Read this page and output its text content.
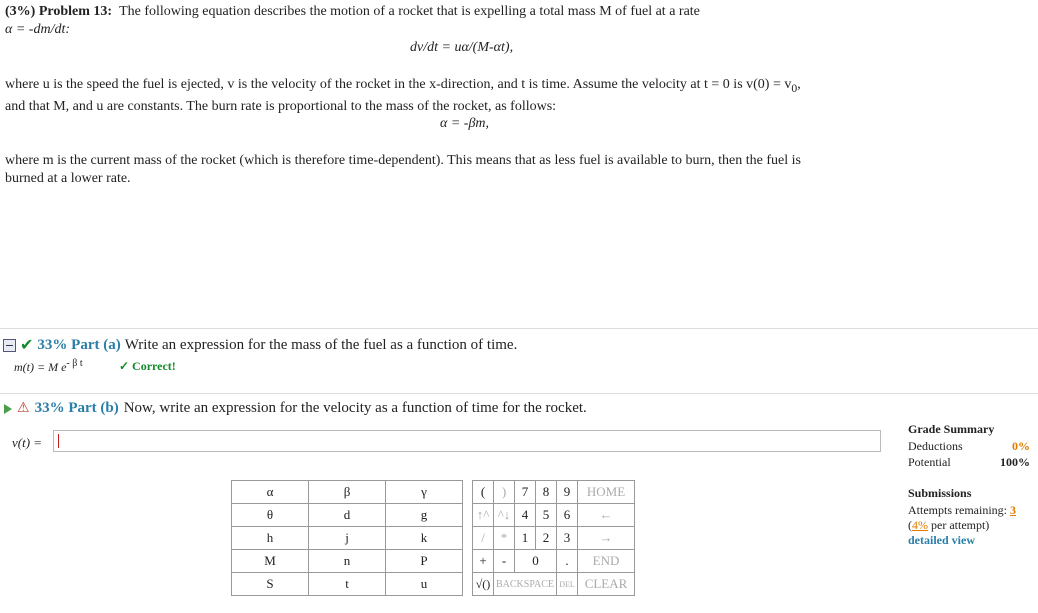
(3%) Problem 13: The following equation describes the motion of a rocket that is expelling a total mass M of fuel at a rate
α = -dm/dt:
dv/dt = uα/(M-αt),
where u is the speed the fuel is ejected, v is the velocity of the rocket in the x-direction, and t is time. Assume the velocity at t = 0 is $v(0) = v_0$,
and that M, and u are constants. The burn rate is proportional to the mass of the rocket, as follows:
α = -βm,
where m is the current mass of the rocket (which is therefore time-dependent). This means that as less fuel is available to burn, then the fuel is
burned at a lower rate.
✔ 33% Part (a) Write an expression for the mass of the fuel as a function of time.
m(t) = M $e^{- \beta t}$	✓ Correct!
⚠ 33% Part (b) Now, write an expression for the velocity as a function of time for the rocket.
v(t) =
α	β	γ
θ	d	g
h	j	k
M	n	P
S	t	u
(	)	7	8	9	HOME
↑^	^↓	4	5	6	←
/	*	1	2	3	→
+	-	0		.	END
√()	BACKSPACE			DEL	CLEAR
Grade Summary
Deductions	0%
Potential	100%
Submissions
Attempts remaining: 3
(4% per attempt)
detailed view
